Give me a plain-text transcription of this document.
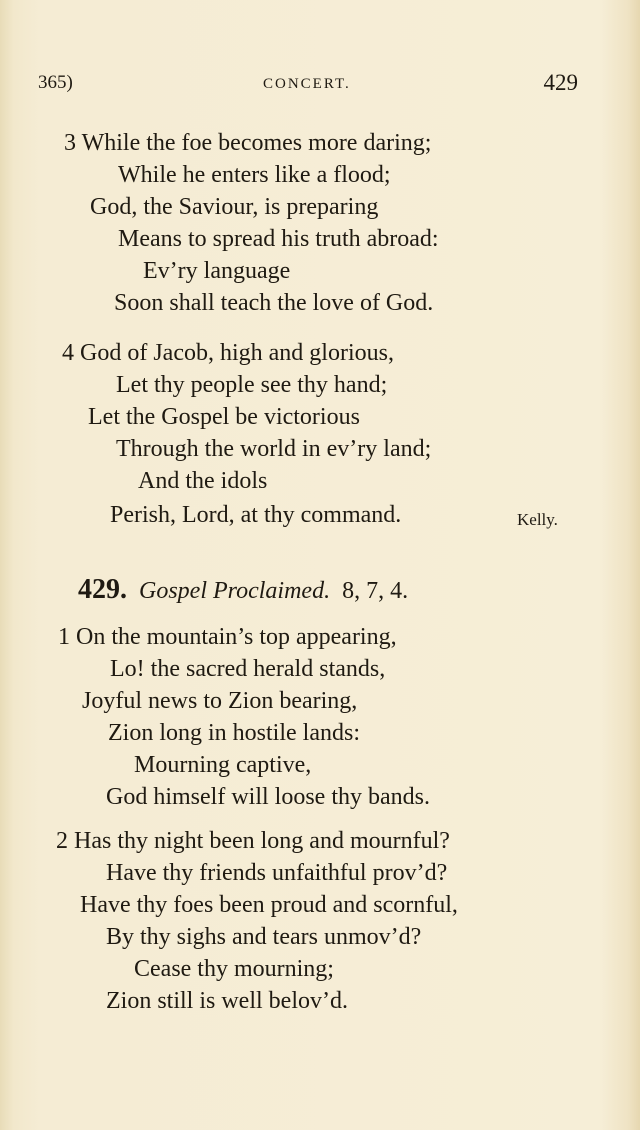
365)	CONCERT.	429
3 While the foe becomes more daring;
While he enters like a flood;
God, the Saviour, is preparing
Means to spread his truth abroad:
Ev’ry language
Soon shall teach the love of God.
4 God of Jacob, high and glorious,
Let thy people see thy hand;
Let the Gospel be victorious
Through the world in ev’ry land;
And the idols
Perish, Lord, at thy command.	Kelly.
429. Gospel Proclaimed. 8, 7, 4.
1 On the mountain’s top appearing,
Lo! the sacred herald stands,
Joyful news to Zion bearing,
Zion long in hostile lands:
Mourning captive,
God himself will loose thy bands.
2 Has thy night been long and mournful?
Have thy friends unfaithful prov’d?
Have thy foes been proud and scornful,
By thy sighs and tears unmov’d?
Cease thy mourning;
Zion still is well belov’d.
